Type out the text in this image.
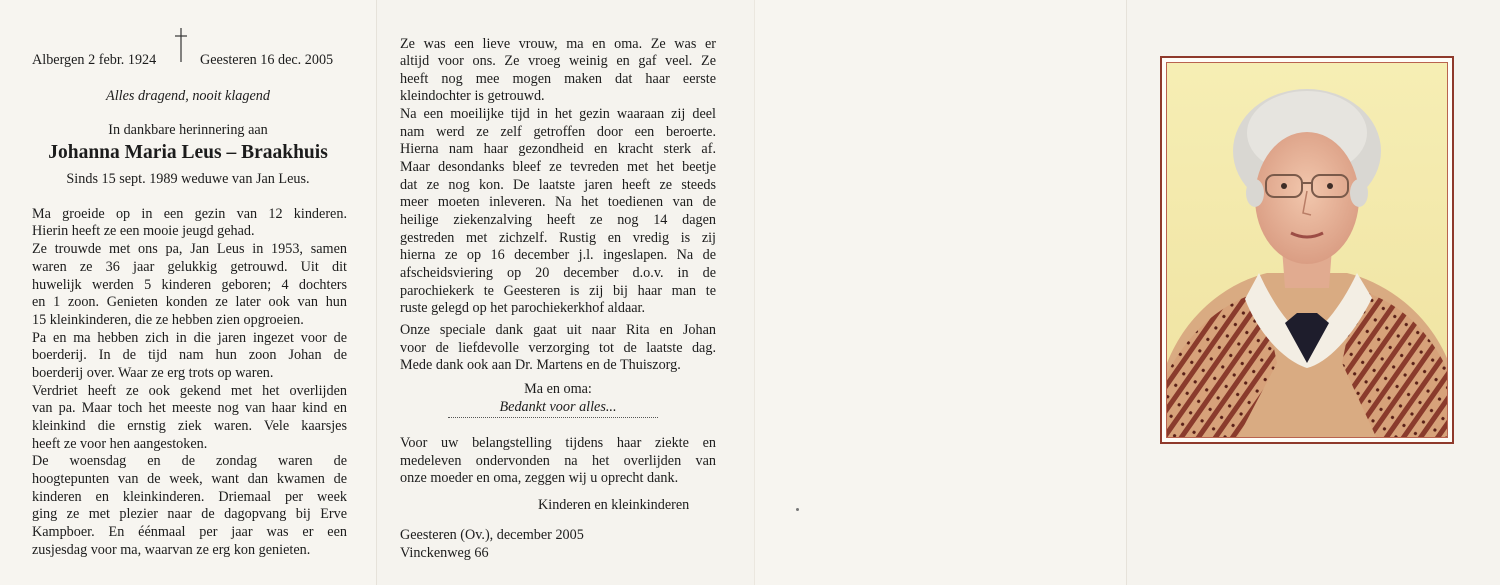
Albergen 2 febr. 1924	Geesteren 16 dec. 2005
Alles dragend, nooit klagend
In dankbare herinnering aan
Johanna Maria Leus – Braakhuis
Sinds 15 sept. 1989 weduwe van Jan Leus.
Ma groeide op in een gezin van 12 kinderen.
Hierin heeft ze een mooie jeugd gehad.
Ze trouwde met ons pa, Jan Leus in 1953, samen
waren ze 36 jaar gelukkig getrouwd. Uit dit
huwelijk werden 5 kinderen geboren; 4 dochters
en 1 zoon. Genieten konden ze later ook van hun
15 kleinkinderen, die ze hebben zien opgroeien.
Pa en ma hebben zich in die jaren ingezet voor de
boerderij. In de tijd nam hun zoon Johan de
boerderij over. Waar ze erg trots op waren.
Verdriet heeft ze ook gekend met het overlijden
van pa. Maar toch het meeste nog van haar kind en
kleinkind die ernstig ziek waren. Vele kaarsjes
heeft ze voor hen aangestoken.
De woensdag en de zondag waren de
hoogtepunten van de week, want dan kwamen de
kinderen en kleinkinderen. Driemaal per week
ging ze met plezier naar de dagopvang bij Erve
Kampboer. En éénmaal per jaar was er een
zusjesdag voor ma, waarvan ze erg kon genieten.
Ze was een lieve vrouw, ma en oma. Ze was er
altijd voor ons. Ze vroeg weinig en gaf veel. Ze
heeft nog mee mogen maken dat haar eerste
kleindochter is getrouwd.
Na een moeilijke tijd in het gezin waaraan zij deel
nam werd ze zelf getroffen door een beroerte.
Hierna nam haar gezondheid en kracht sterk af.
Maar desondanks bleef ze tevreden met het beetje
dat ze nog kon. De laatste jaren heeft ze steeds
meer moeten inleveren. Na het toedienen van de
heilige ziekenzalving heeft ze nog 14 dagen
gestreden met zichzelf. Rustig en vredig is zij
hierna ze op 16 december j.l. ingeslapen. Na de
afscheidsviering op 20 december d.o.v. in de
parochiekerk te Geesteren is zij bij haar man te
ruste gelegd op het parochiekerkhof aldaar.
Onze speciale dank gaat uit naar Rita en Johan
voor de liefdevolle verzorging tot de laatste dag.
Mede dank ook aan Dr. Martens en de Thuiszorg.
Ma en oma:
Bedankt voor alles...
Voor uw belangstelling tijdens haar ziekte en
medeleven ondervonden na het overlijden van
onze moeder en oma, zeggen wij u oprecht dank.
Kinderen en kleinkinderen
Geesteren (Ov.), december 2005
Vinckenweg 66
